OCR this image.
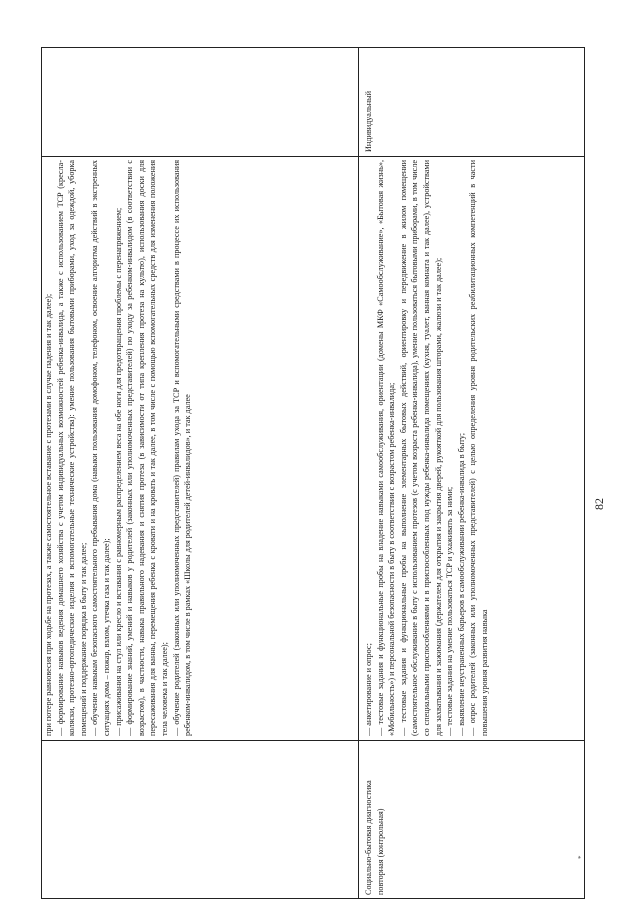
82

при потере равновесия при ходьбе на протезах, а также самостоятельное вставание с протезами в случае падения и так далее); — формирование навыков ведения домашнего хозяйства с учетом индивидуальных возможностей ребенка-инвалида, а также с использованием ТСР (кресла-коляски, протезно-ортопедические изделия и вспомогательные технические устройства): умение пользования бытовыми приборами, уход за одеждой, уборка помещений и поддержание порядка в быту и так далее; — обучение навыкам безопасного самостоятельного пребывания дома (навыки пользования домофоном, телефоном, освоение алгоритма действий в экстренных ситуациях дома – пожар, взлом, утечка газа и так далее); — присаживания на стул или кресло и вставания с равномерным распределением веса на обе ноги для предотвращения проблемы с перенапряжением; — формирование знаний, умений и навыков у родителей (законных или уполномоченных представителей) по уходу за ребенком-инвалидом (в соответствии с возрастом), в частности, навыка правильного надевания и снятия протеза (в зависимости от типа крепления протеза на культю), использования доски для пересаживания для ванны, перемещения ребенка с кровати и на кровать и так далее, в том числе с помощью вспомогательных средств для изменения положения тела человека и так далее); — обучение родителей (законных или уполномоченных представителей) правилам ухода за ТСР и вспомогательными средствами в процессе их использования ребенком-инвалидом, в том числе в рамках «Школы для родителей детей-инвалидов», и так далее

Социально-бытовая диагностика повторная (контрольная)

— анкетирование и опрос; — тестовые задания и функциональные пробы на владение навыками самообслуживания, ориентации (домены МКФ «Самообслуживание», «Бытовая жизнь», «Мобильность») и персональной безопасности в быту в соответствии с возрастом ребенка-инвалида; — тестовые задания и функциональные пробы на выполнение элементарных бытовых действий, ориентировку и передвижение в жилом помещении (самостоятельное обслуживание в быту с использованием протезов (с учетом возраста ребенка-инвалида), умение пользоваться бытовыми приборами, в том числе со специальными приспособлениями и в приспособленных под нужды ребенка-инвалида помещениях (кухня, туалет, ванная комната и так далее), устройствами для захватывания и зажимания (держателем для открытия и закрытия дверей, рукояткой для пользования шторами, жалюзи и так далее); — тестовые задания на умение пользоваться ТСР и ухаживать за ними; — выявление неустраненных барьеров в самообслуживании ребенка-инвалида в быту; — опрос родителей (законных или уполномоченных представителей) с целью определения уровня родительских реабилитационных компетенций в части повышения уровня развития навыка

Индивидуальный
*
